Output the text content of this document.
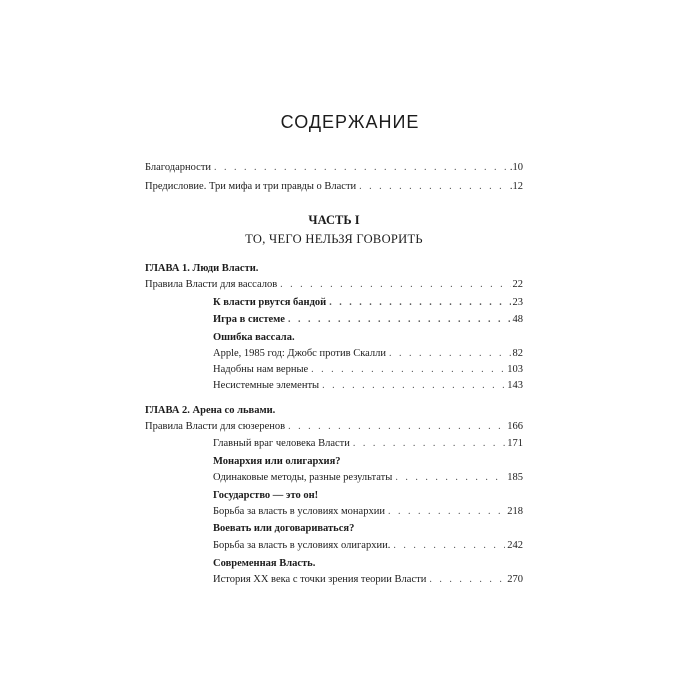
СОДЕРЖАНИЕ
Благодарности . . .	.10
Предисловие. Три мифа и три правды о Власти . . .	.12
ЧАСТЬ I
ТО, ЧЕГО НЕЛЬЗЯ ГОВОРИТЬ
ГЛАВА 1. Люди Власти.
Правила Власти для вассалов . . .	22
К власти рвутся бандой . . .	23
Игра в системе . . .	48
Ошибка вассала.
Apple, 1985 год: Джобс против Скалли . . .	82
Надобны нам верные . . .	103
Несистемные элементы . . .	143
ГЛАВА 2. Арена со львами.
Правила Власти для сюзеренов . . .	166
Главный враг человека Власти . . .	171
Монархия или олигархия?
Одинаковые методы, разные результаты . . .	185
Государство — это он!
Борьба за власть в условиях монархии . . .	218
Воевать или договариваться?
Борьба за власть в условиях олигархии. . . .	242
Современная Власть.
История XX века с точки зрения теории Власти . . .	270
